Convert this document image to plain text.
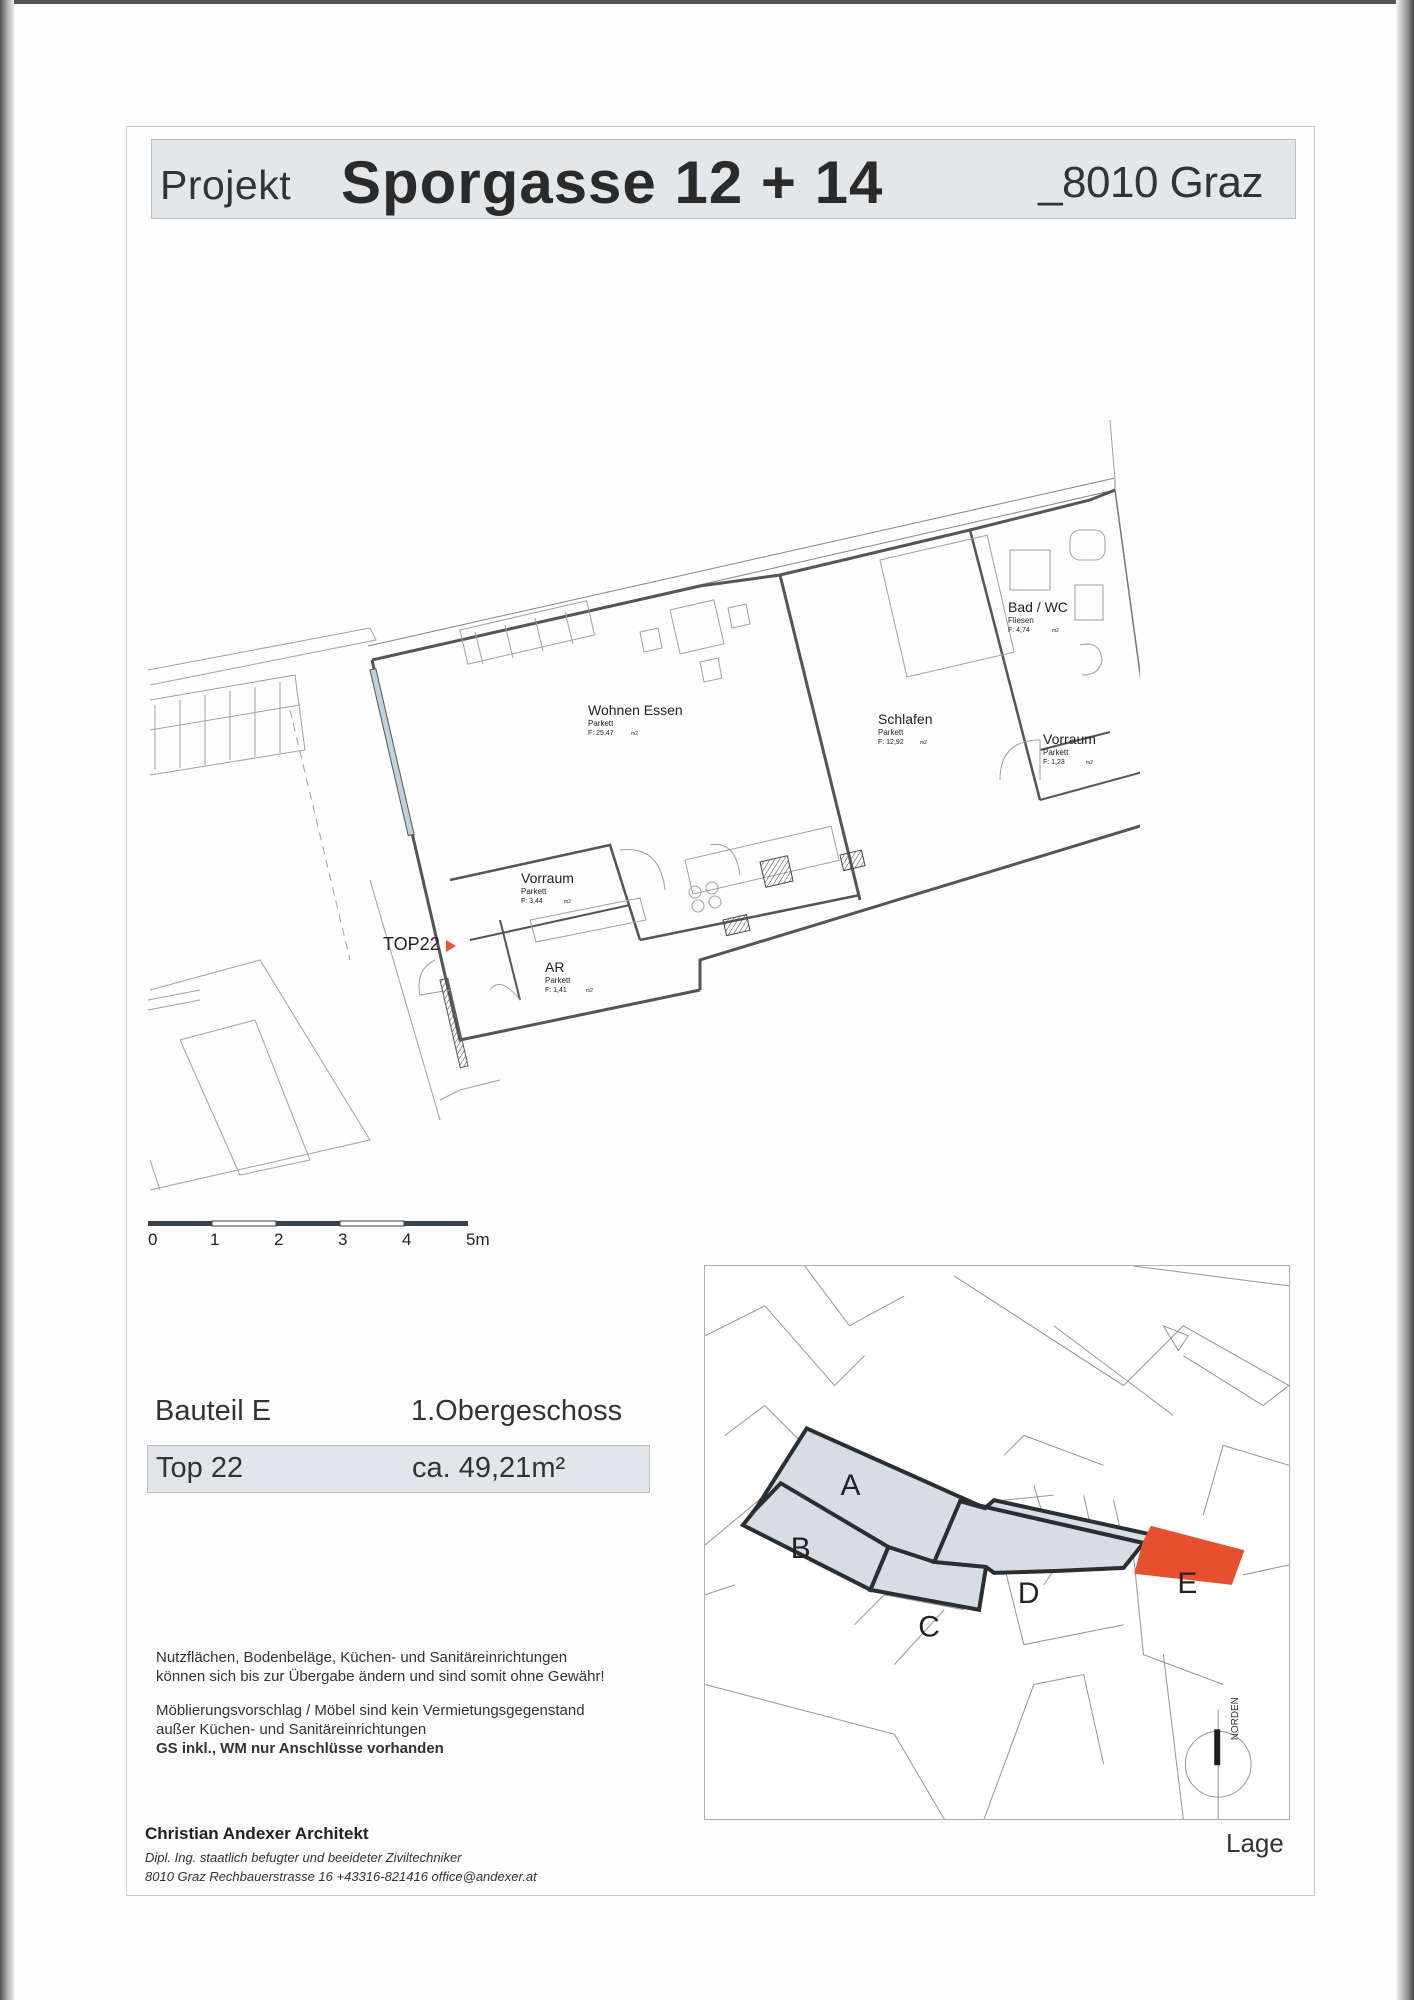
Projekt Sporgasse 12 + 14	_8010 Graz
Wohnen Essen
Parkett
F: 25,47	m2
Schlafen
Parkett
F: 12,92	m2
Bad / WC
Fliesen
F: 4,74	m2
Vorraum
Parkett
F: 1,23	m2
Vorraum
Parkett
F: 3,44	m2
AR
Parkett
F: 1,41	m2
TOP22
0	1	2	3	4	5m
Bauteil E	1.Obergeschoss
Top 22	ca. 49,21m²

Nutzflächen, Bodenbeläge, Küchen- und Sanitäreinrichtungen
können sich bis zur Übergabe ändern und sind somit ohne Gewähr!

Möblierungsvorschlag / Möbel sind kein Vermietungsgegenstand
außer Küchen- und Sanitäreinrichtungen
GS inkl., WM nur Anschlüsse vorhanden

Christian Andexer Architekt
Dipl. Ing. staatlich befugter und beeideter Ziviltechniker
8010 Graz Rechbauerstrasse 16 +43316-821416 office@andexer.at
A
B
C
D	E
NORDEN
Lage
